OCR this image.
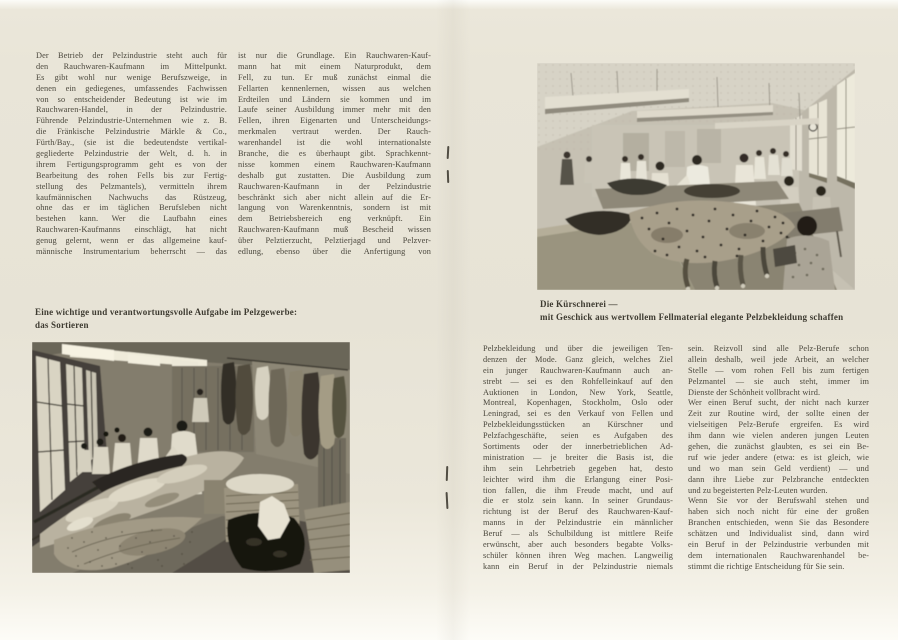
Der Betrieb der Pelzindustrie steht auch für
den Rauchwaren-Kaufmann im Mittelpunkt.
Es gibt wohl nur wenige Berufszweige, in
denen ein gediegenes, umfassendes Fachwissen
von so entscheidender Bedeutung ist wie im
Rauchwaren-Handel, in der Pelzindustrie.
Führende Pelzindustrie-Unternehmen wie z. B.
die Fränkische Pelzindustrie Märkle & Co.,
Fürth/Bay., (sie ist die bedeutendste vertikal-
gegliederte Pelzindustrie der Welt, d. h. in
ihrem Fertigungsprogramm geht es von der
Bearbeitung des rohen Fells bis zur Fertig-
stellung des Pelzmantels), vermitteln ihrem
kaufmännischen Nachwuchs das Rüstzeug,
ohne das er im täglichen Berufsleben nicht
bestehen kann. Wer die Laufbahn eines
Rauchwaren-Kaufmanns einschlägt, hat nicht
genug gelernt, wenn er das allgemeine kauf-
männische Instrumentarium beherrscht — das
ist nur die Grundlage. Ein Rauchwaren-Kauf-
mann hat mit einem Naturprodukt, dem
Fell, zu tun. Er muß zunächst einmal die
Fellarten kennenlernen, wissen aus welchen
Erdteilen und Ländern sie kommen und im
Laufe seiner Ausbildung immer mehr mit den
Fellen, ihren Eigenarten und Unterscheidungs-
merkmalen vertraut werden. Der Rauch-
warenhandel ist die wohl internationalste
Branche, die es überhaupt gibt. Sprachkennt-
nisse kommen einem Rauchwaren-Kaufmann
deshalb gut zustatten. Die Ausbildung zum
Rauchwaren-Kaufmann in der Pelzindustrie
beschränkt sich aber nicht allein auf die Er-
langung von Warenkenntnis, sondern ist mit
dem Betriebsbereich eng verknüpft. Ein
Rauchwaren-Kaufmann muß Bescheid wissen
über Pelztierzucht, Pelztierjagd und Pelzver-
edlung, ebenso über die Anfertigung von
Eine wichtige und verantwortungsvolle Aufgabe im Pelzgewerbe:
das Sortieren
Die Kürschnerei —
mit Geschick aus wertvollem Fellmaterial elegante Pelzbekleidung schaffen
Pelzbekleidung und über die jeweiligen Ten-
denzen der Mode. Ganz gleich, welches Ziel
ein junger Rauchwaren-Kaufmann auch an-
strebt — sei es den Rohfelleinkauf auf den
Auktionen in London, New York, Seattle,
Montreal, Kopenhagen, Stockholm, Oslo oder
Leningrad, sei es den Verkauf von Fellen und
Pelzbekleidungsstücken an Kürschner und
Pelzfachgeschäfte, seien es Aufgaben des
Sortiments oder der innerbetrieblichen Ad-
ministration — je breiter die Basis ist, die
ihm sein Lehrbetrieb gegeben hat, desto
leichter wird ihm die Erlangung einer Posi-
tion fallen, die ihm Freude macht, und auf
die er stolz sein kann. In seiner Grundaus-
richtung ist der Beruf des Rauchwaren-Kauf-
manns in der Pelzindustrie ein männlicher
Beruf — als Schulbildung ist mittlere Reife
erwünscht, aber auch besonders begabte Volks-
schüler können ihren Weg machen. Langweilig
kann ein Beruf in der Pelzindustrie niemals
sein. Reizvoll sind alle Pelz-Berufe schon
allein deshalb, weil jede Arbeit, an welcher
Stelle — vom rohen Fell bis zum fertigen
Pelzmantel — sie auch steht, immer im
Dienste der Schönheit vollbracht wird.
Wer einen Beruf sucht, der nicht nach kurzer
Zeit zur Routine wird, der sollte einen der
vielseitigen Pelz-Berufe ergreifen. Es wird
ihm dann wie vielen anderen jungen Leuten
gehen, die zunächst glaubten, es sei ein Be-
ruf wie jeder andere (etwa: es ist gleich, wie
und wo man sein Geld verdient) — und
dann ihre Liebe zur Pelzbranche entdeckten
und zu begeisterten Pelz-Leuten wurden.
Wenn Sie vor der Berufswahl stehen und
haben sich noch nicht für eine der großen
Branchen entschieden, wenn Sie das Besondere
schätzen und Individualist sind, dann wird
ein Beruf in der Pelzindustrie verbunden mit
dem internationalen Rauchwarenhandel be-
stimmt die richtige Entscheidung für Sie sein.
